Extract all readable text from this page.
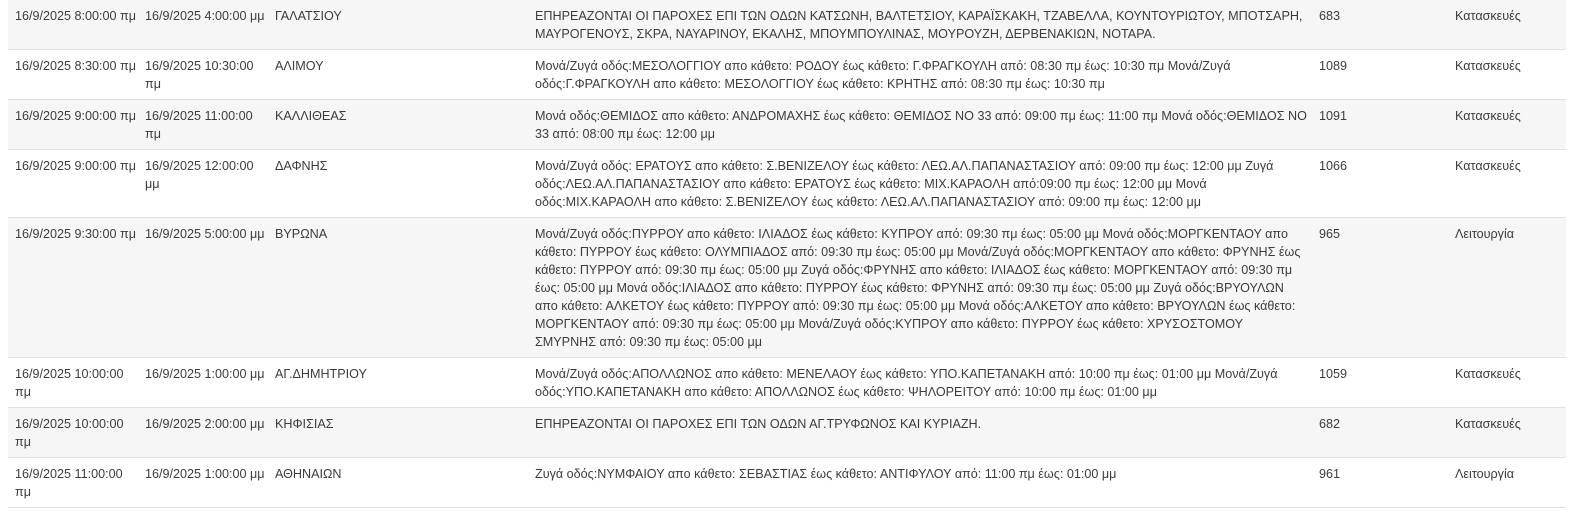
16/9/2025 8:00:00 πμ	16/9/2025 4:00:00 μμ	ΓΑΛΑΤΣΙΟΥ	ΕΠΗΡΕΑΖΟΝΤΑΙ ΟΙ ΠΑΡΟΧΕΣ ΕΠΙ ΤΩΝ ΟΔΩΝ ΚΑΤΣΩΝΗ, ΒΑΛΤΕΤΣΙΟΥ, ΚΑΡΑΪΣΚΑΚΗ, ΤΖΑΒΕΛΛΑ, ΚΟΥΝΤΟΥΡΙΩΤΟΥ, ΜΠΟΤΣΑΡΗ, ΜΑΥΡΟΓΕΝΟΥΣ, ΣΚΡΑ, ΝΑΥΑΡΙΝΟΥ, ΕΚΑΛΗΣ, ΜΠΟΥΜΠΟΥΛΙΝΑΣ, ΜΟΥΡΟΥΖΗ, ΔΕΡΒΕΝΑΚΙΩΝ, ΝΟΤΑΡΑ.	683	Κατασκευές
16/9/2025 8:30:00 πμ	16/9/2025 10:30:00 πμ	ΑΛΙΜΟΥ	Μονά/Ζυγά οδός:ΜΕΣΟΛΟΓΓΙΟΥ απο κάθετο: ΡΟΔΟΥ έως κάθετο: Γ.ΦΡΑΓΚΟΥΛΗ από: 08:30 πμ έως: 10:30 πμ Μονά/Ζυγά οδός:Γ.ΦΡΑΓΚΟΥΛΗ απο κάθετο: ΜΕΣΟΛΟΓΓΙΟΥ έως κάθετο: ΚΡΗΤΗΣ από: 08:30 πμ έως: 10:30 πμ	1089	Κατασκευές
16/9/2025 9:00:00 πμ	16/9/2025 11:00:00 πμ	ΚΑΛΛΙΘΕΑΣ	Μονά οδός:ΘΕΜΙΔΟΣ απο κάθετο: ΑΝΔΡΟΜΑΧΗΣ έως κάθετο: ΘΕΜΙΔΟΣ ΝΟ 33 από: 09:00 πμ έως: 11:00 πμ Μονά οδός:ΘΕΜΙΔΟΣ ΝΟ 33 από: 08:00 πμ έως: 12:00 μμ	1091	Κατασκευές
16/9/2025 9:00:00 πμ	16/9/2025 12:00:00 μμ	ΔΑΦΝΗΣ	Μονά/Ζυγά οδός: ΕΡΑΤΟΥΣ απο κάθετο: Σ.ΒΕΝΙΖΕΛΟΥ έως κάθετο: ΛΕΩ.ΑΛ.ΠΑΠΑΝΑΣΤΑΣΙΟΥ από: 09:00 πμ έως: 12:00 μμ Ζυγά οδός:ΛΕΩ.ΑΛ.ΠΑΠΑΝΑΣΤΑΣΙΟΥ απο κάθετο: ΕΡΑΤΟΥΣ έως κάθετο: ΜΙΧ.ΚΑΡΑΟΛΗ από:09:00 πμ έως: 12:00 μμ Μονά οδός:ΜΙΧ.ΚΑΡΑΟΛΗ απο κάθετο: Σ.ΒΕΝΙΖΕΛΟΥ έως κάθετο: ΛΕΩ.ΑΛ.ΠΑΠΑΝΑΣΤΑΣΙΟΥ από: 09:00 πμ έως: 12:00 μμ	1066	Κατασκευές
16/9/2025 9:30:00 πμ	16/9/2025 5:00:00 μμ	ΒΥΡΩΝΑ	Μονά/Ζυγά οδός:ΠΥΡΡΟΥ απο κάθετο: ΙΛΙΑΔΟΣ έως κάθετο: ΚΥΠΡΟΥ από: 09:30 πμ έως: 05:00 μμ Μονά οδός:ΜΟΡΓΚΕΝΤΑΟΥ απο κάθετο: ΠΥΡΡΟΥ έως κάθετο: ΟΛΥΜΠΙΑΔΟΣ από: 09:30 πμ έως: 05:00 μμ Μονά/Ζυγά οδός:ΜΟΡΓΚΕΝΤΑΟΥ απο κάθετο: ΦΡΥΝΗΣ έως κάθετο: ΠΥΡΡΟΥ από: 09:30 πμ έως: 05:00 μμ Ζυγά οδός:ΦΡΥΝΗΣ απο κάθετο: ΙΛΙΑΔΟΣ έως κάθετο: ΜΟΡΓΚΕΝΤΑΟΥ από: 09:30 πμ έως: 05:00 μμ Μονά οδός:ΙΛΙΑΔΟΣ απο κάθετο: ΠΥΡΡΟΥ έως κάθετο: ΦΡΥΝΗΣ από: 09:30 πμ έως: 05:00 μμ Ζυγά οδός:ΒΡΥΟΥΛΩΝ απο κάθετο: ΑΛΚΕΤΟΥ έως κάθετο: ΠΥΡΡΟΥ από: 09:30 πμ έως: 05:00 μμ Μονά οδός:ΑΛΚΕΤΟΥ απο κάθετο: ΒΡΥΟΥΛΩΝ έως κάθετο: ΜΟΡΓΚΕΝΤΑΟΥ από: 09:30 πμ έως: 05:00 μμ Μονά/Ζυγά οδός:ΚΥΠΡΟΥ απο κάθετο: ΠΥΡΡΟΥ έως κάθετο: ΧΡΥΣΟΣΤΟΜΟΥ ΣΜΥΡΝΗΣ από: 09:30 πμ έως: 05:00 μμ	965	Λειτουργία
16/9/2025 10:00:00 πμ	16/9/2025 1:00:00 μμ	ΑΓ.ΔΗΜΗΤΡΙΟΥ	Μονά/Ζυγά οδός:ΑΠΟΛΛΩΝΟΣ απο κάθετο: ΜΕΝΕΛΑΟΥ έως κάθετο: ΥΠΟ.ΚΑΠΕΤΑΝΑΚΗ από: 10:00 πμ έως: 01:00 μμ Μονά/Ζυγά οδός:ΥΠΟ.ΚΑΠΕΤΑΝΑΚΗ απο κάθετο: ΑΠΟΛΛΩΝΟΣ έως κάθετο: ΨΗΛΟΡΕΙΤΟΥ από: 10:00 πμ έως: 01:00 μμ	1059	Κατασκευές
16/9/2025 10:00:00 πμ	16/9/2025 2:00:00 μμ	ΚΗΦΙΣΙΑΣ	ΕΠΗΡΕΑΖΟΝΤΑΙ ΟΙ ΠΑΡΟΧΕΣ ΕΠΙ ΤΩΝ ΟΔΩΝ ΑΓ.ΤΡΥΦΩΝΟΣ ΚΑΙ ΚΥΡΙΑΖΗ.	682	Κατασκευές
16/9/2025 11:00:00 πμ	16/9/2025 1:00:00 μμ	ΑΘΗΝΑΙΩΝ	Ζυγά οδός:ΝΥΜΦΑΙΟΥ απο κάθετο: ΣΕΒΑΣΤΙΑΣ έως κάθετο: ΑΝΤΙΦΥΛΟΥ από: 11:00 πμ έως: 01:00 μμ	961	Λειτουργία
